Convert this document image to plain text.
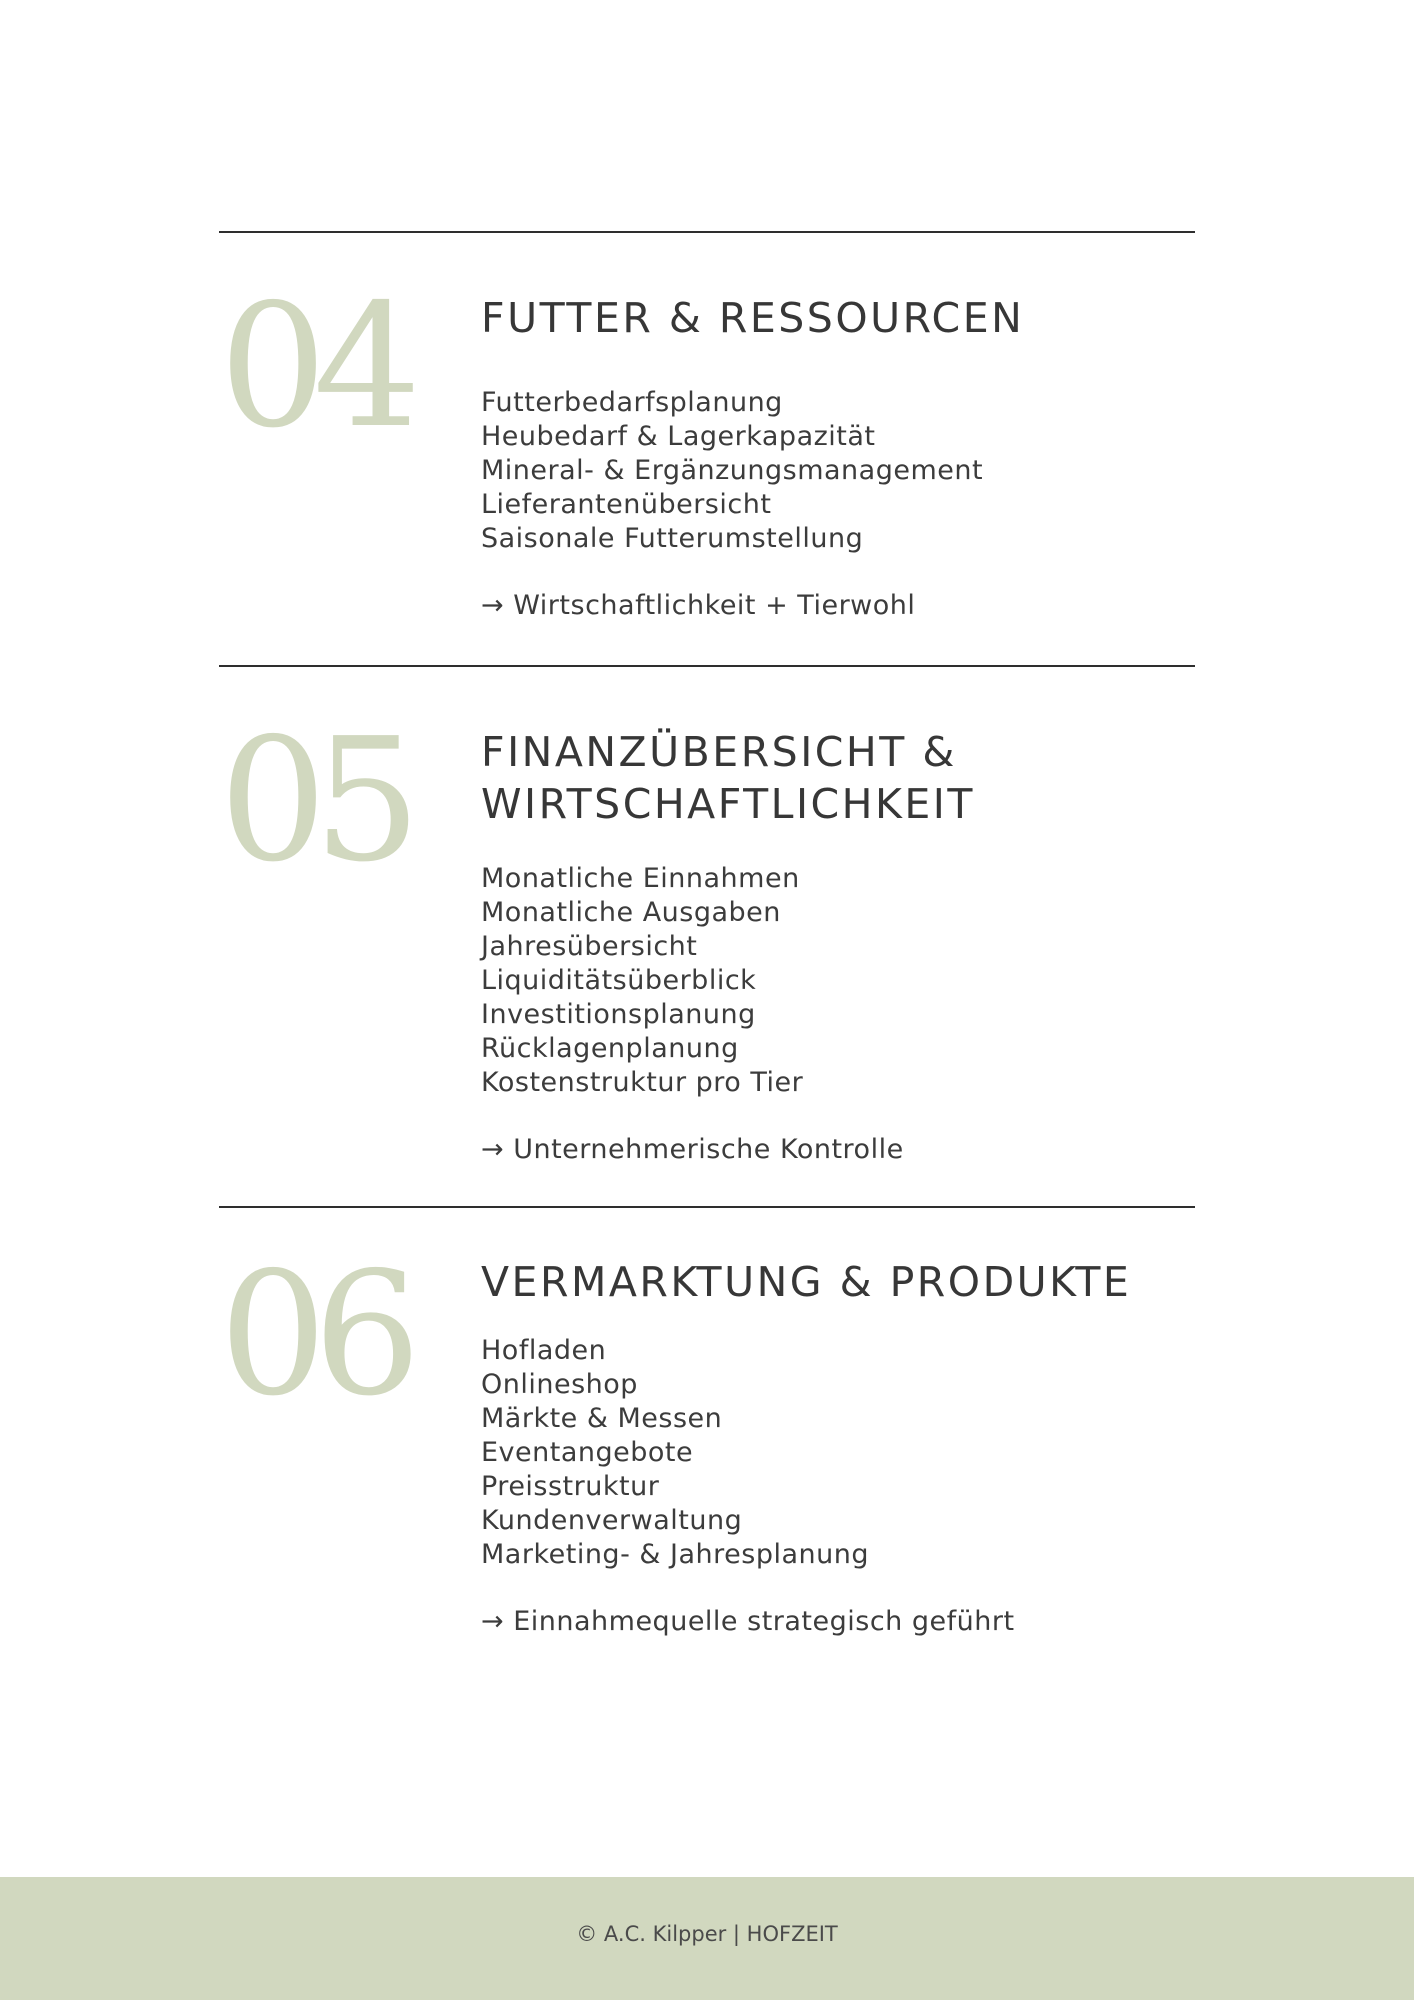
04 FUTTER & RESSOURCEN
Futterbedarfsplanung
Heubedarf & Lagerkapazität
Mineral- & Ergänzungsmanagement
Lieferantenübersicht
Saisonale Futterumstellung
→ Wirtschaftlichkeit + Tierwohl
05 FINANZÜBERSICHT &
WIRTSCHAFTLICHKEIT
Monatliche Einnahmen
Monatliche Ausgaben
Jahresübersicht
Liquiditätsüberblick
Investitionsplanung
Rücklagenplanung
Kostenstruktur pro Tier
→ Unternehmerische Kontrolle
06 VERMARKTUNG & PRODUKTE
Hofladen
Onlineshop
Märkte & Messen
Eventangebote
Preisstruktur
Kundenverwaltung
Marketing- & Jahresplanung
→ Einnahmequelle strategisch geführt
© A.C. Kilpper | HOFZEIT
